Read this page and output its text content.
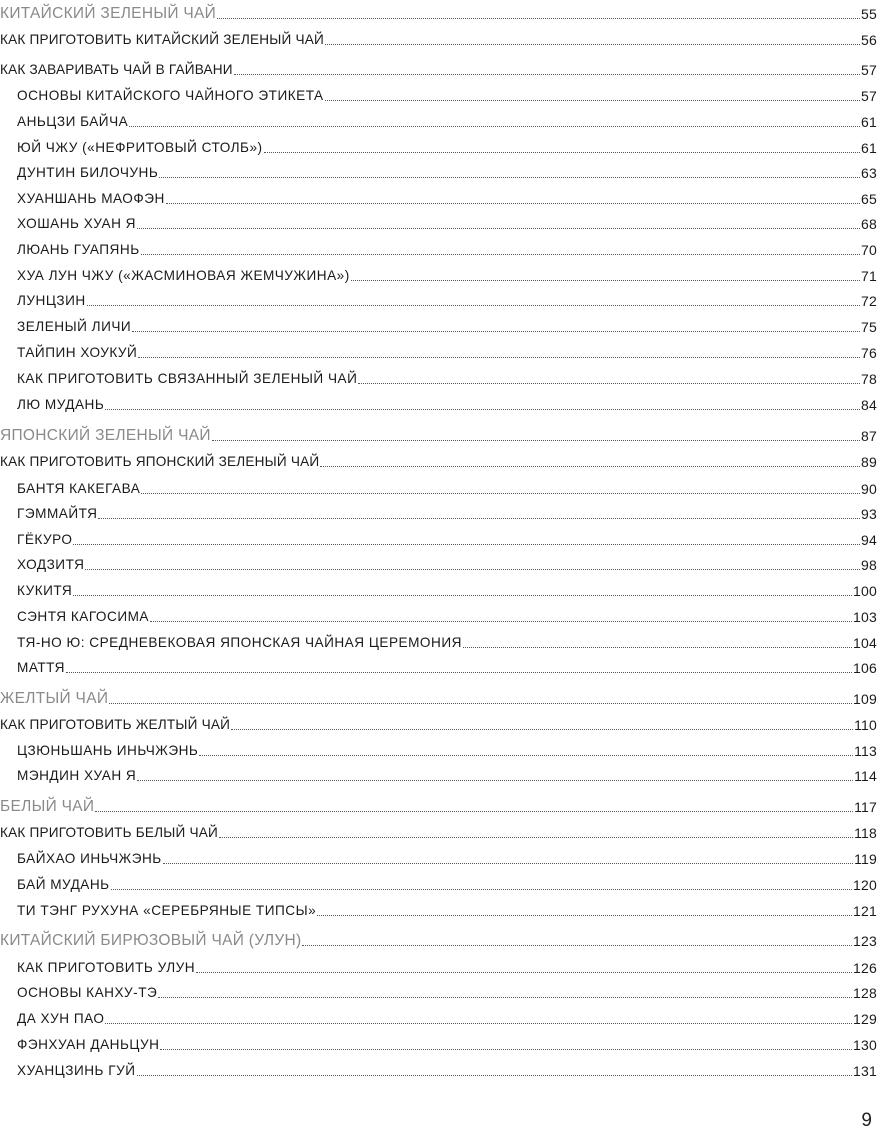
КИТАЙСКИЙ ЗЕЛЕНЫЙ ЧАЙ	55
КАК ПРИГОТОВИТЬ КИТАЙСКИЙ ЗЕЛЕНЫЙ ЧАЙ	56
КАК ЗАВАРИВАТЬ ЧАЙ В ГАЙВАНИ	57
ОСНОВЫ КИТАЙСКОГО ЧАЙНОГО ЭТИКЕТА	57
АНЬЦЗИ БАЙЧА	61
ЮЙ ЧЖУ («НЕФРИТОВЫЙ СТОЛБ»)	61
ДУНТИН БИЛОЧУНЬ	63
ХУАНШАНЬ МАОФЭН	65
ХОШАНЬ ХУАН Я	68
ЛЮАНЬ ГУАПЯНЬ	70
ХУА ЛУН ЧЖУ («ЖАСМИНОВАЯ ЖЕМЧУЖИНА»)	71
ЛУНЦЗИН	72
ЗЕЛЕНЫЙ ЛИЧИ	75
ТАЙПИН ХОУКУЙ	76
КАК ПРИГОТОВИТЬ СВЯЗАННЫЙ ЗЕЛЕНЫЙ ЧАЙ	78
ЛЮ МУДАНЬ	84
ЯПОНСКИЙ ЗЕЛЕНЫЙ ЧАЙ	87
КАК ПРИГОТОВИТЬ ЯПОНСКИЙ ЗЕЛЕНЫЙ ЧАЙ	89
БАНТЯ КАКЕГАВА	90
ГЭММАЙТЯ	93
ГЁКУРО	94
ХОДЗИТЯ	98
КУКИТЯ	100
СЭНТЯ КАГОСИМА	103
ТЯ-НО Ю: СРЕДНЕВЕКОВАЯ ЯПОНСКАЯ ЧАЙНАЯ ЦЕРЕМОНИЯ	104
МАТТЯ	106
ЖЕЛТЫЙ ЧАЙ	109
КАК ПРИГОТОВИТЬ ЖЕЛТЫЙ ЧАЙ	110
ЦЗЮНЬШАНЬ ИНЬЧЖЭНЬ	113
МЭНДИН ХУАН Я	114
БЕЛЫЙ ЧАЙ	117
КАК ПРИГОТОВИТЬ БЕЛЫЙ ЧАЙ	118
БАЙХАО ИНЬЧЖЭНЬ	119
БАЙ МУДАНЬ	120
ТИ ТЭНГ РУХУНА «СЕРЕБРЯНЫЕ ТИПСЫ»	121
КИТАЙСКИЙ БИРЮЗОВЫЙ ЧАЙ (УЛУН)	123
КАК ПРИГОТОВИТЬ УЛУН	126
ОСНОВЫ КАНХУ-ТЭ	128
ДА ХУН ПАО	129
ФЭНХУАН ДАНЬЦУН	130
ХУАНЦЗИНЬ ГУЙ	131
9
